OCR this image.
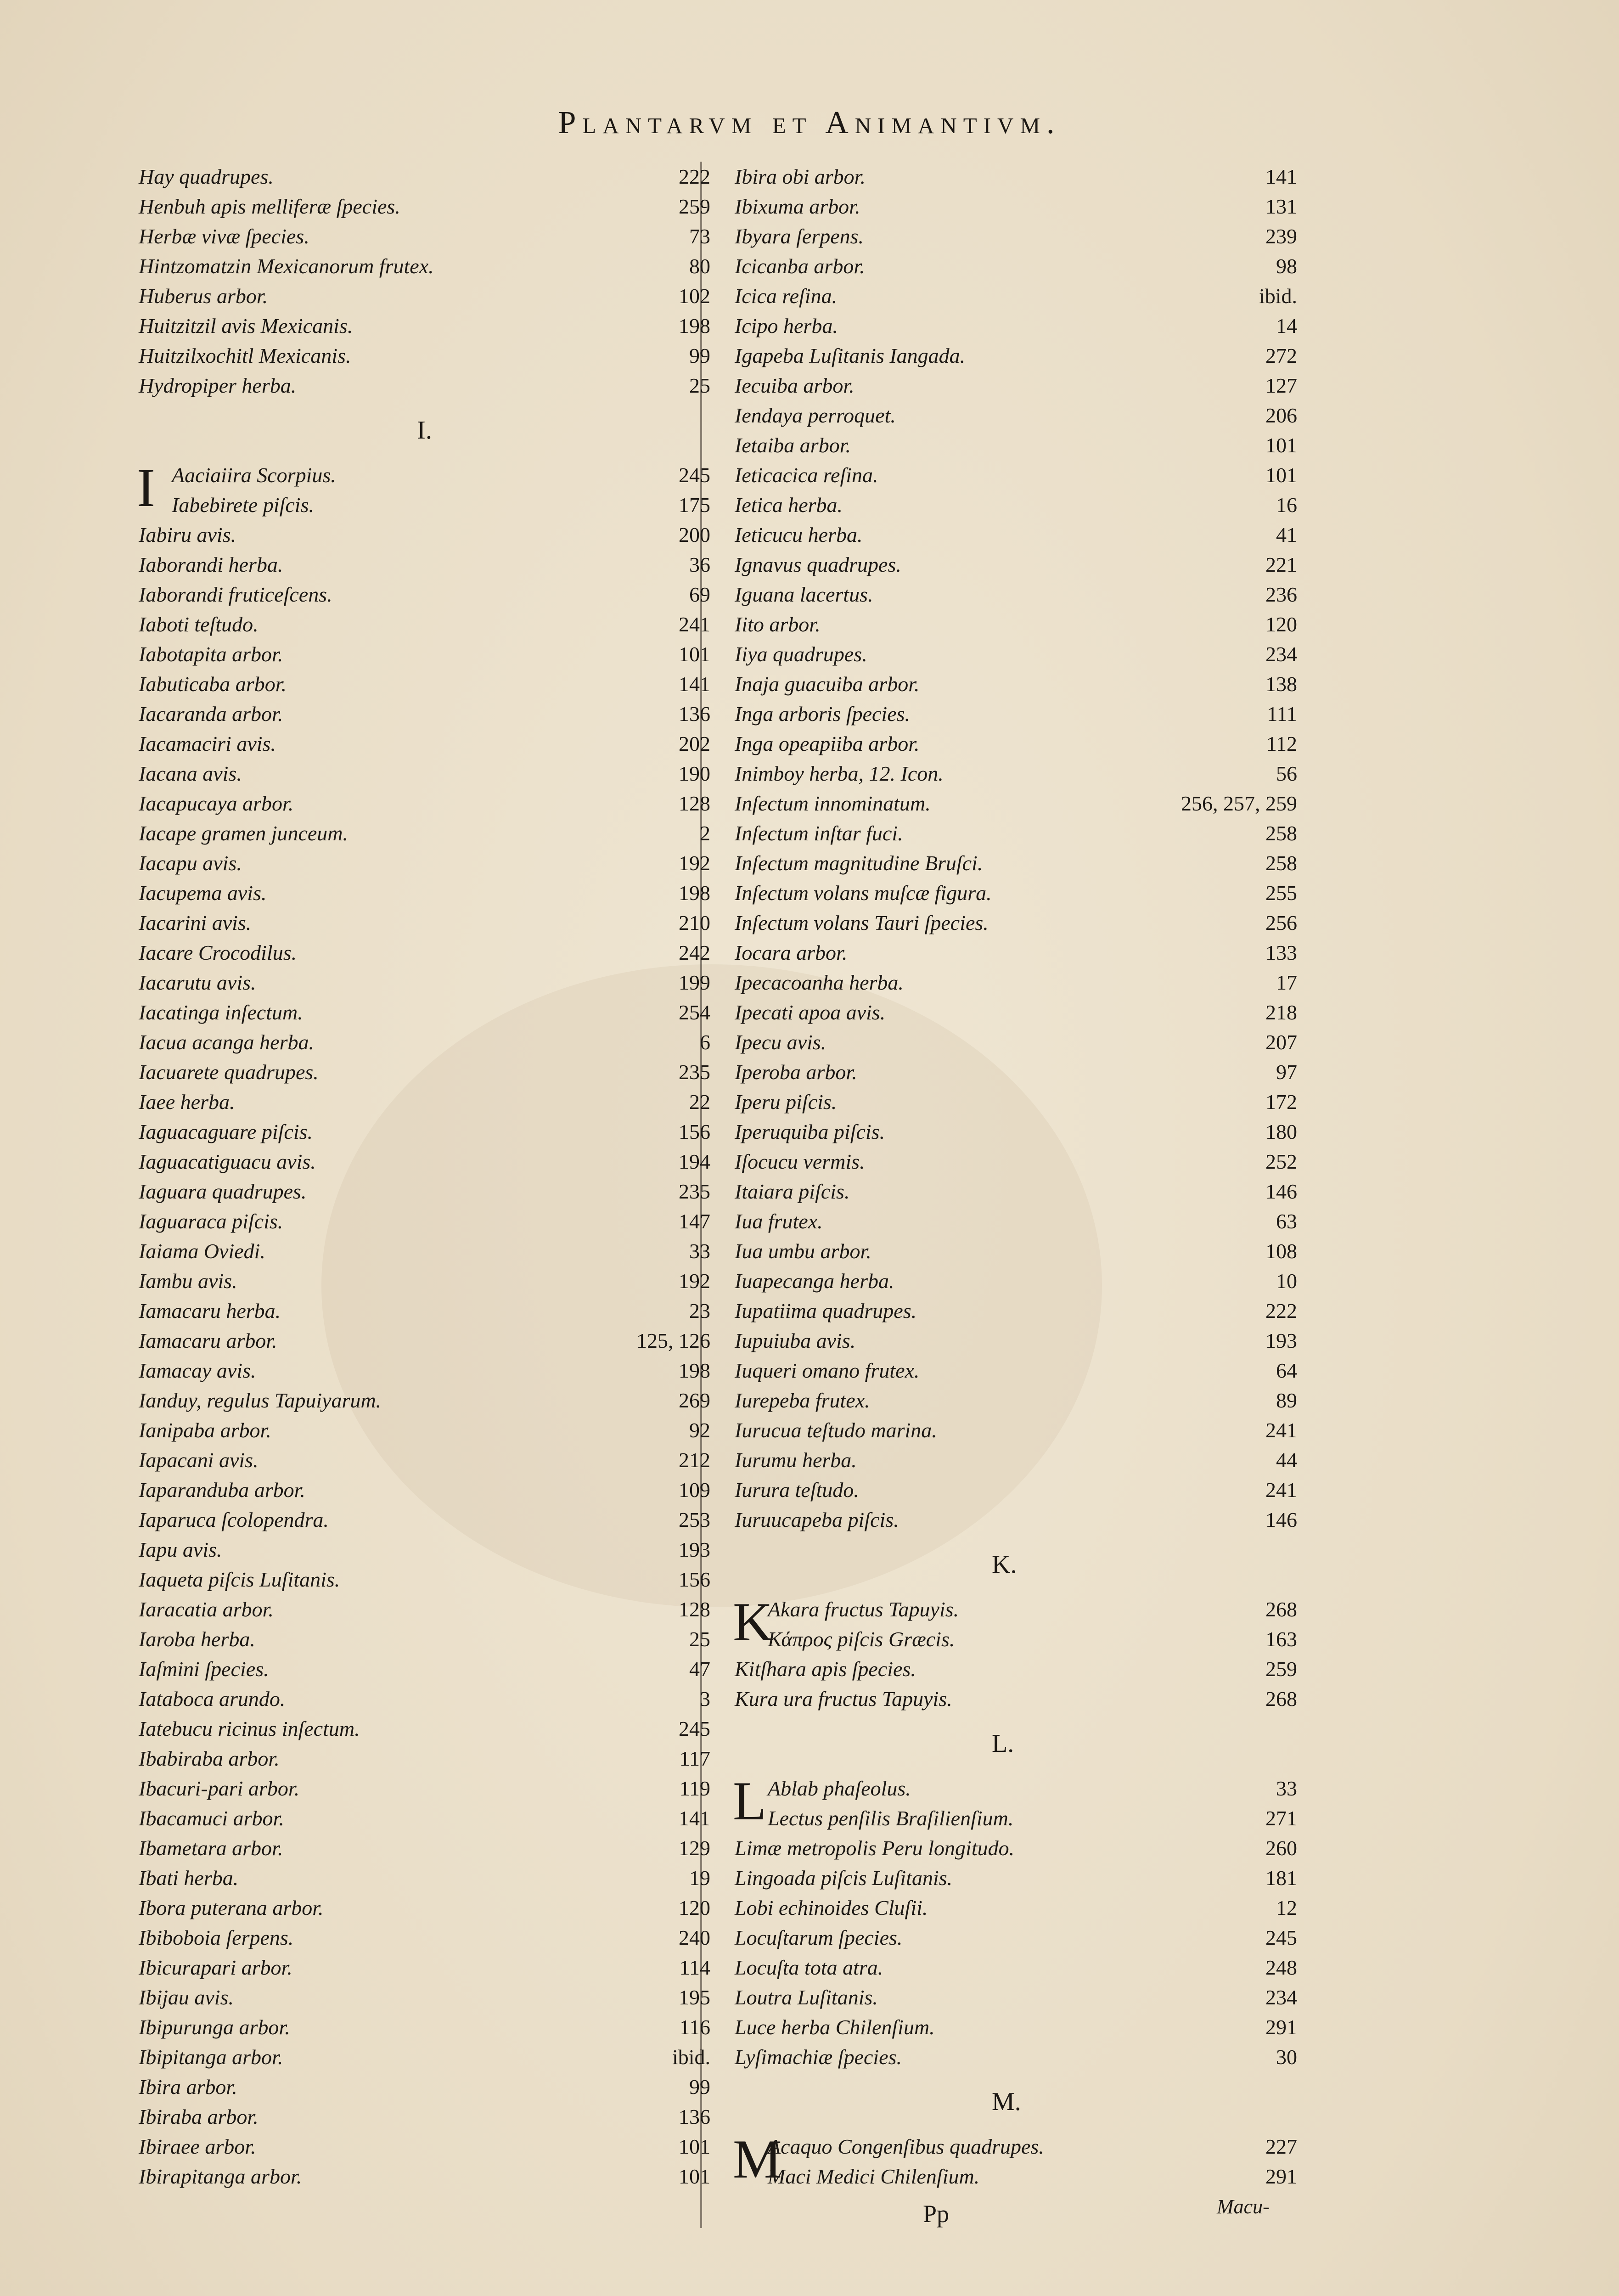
Plantarvm et Animantivm.
Hay quadrupes.	222
Henbuh apis melliferæ ſpecies.	259
Herbæ vivæ ſpecies.	73
Hintzomatzin Mexicanorum frutex.	80
Huberus arbor.	102
Huitzitzil avis Mexicanis.	198
Huitzilxochitl Mexicanis.	99
Hydropiper herba.	25
I.
I Aaciaiira Scorpius.	245
Iabebirete piſcis.	175
Iabiru avis.	200
Iaborandi herba.	36
Iaborandi fruticeſcens.	69
Iaboti teſtudo.	241
Iabotapita arbor.	101
Iabuticaba arbor.	141
Iacaranda arbor.	136
Iacamaciri avis.	202
Iacana avis.	190
Iacapucaya arbor.	128
Iacape gramen junceum.	2
Iacapu avis.	192
Iacupema avis.	198
Iacarini avis.	210
Iacare Crocodilus.	242
Iacarutu avis.	199
Iacatinga inſectum.	254
Iacua acanga herba.	6
Iacuarete quadrupes.	235
Iaee herba.	22
Iaguacaguare piſcis.	156
Iaguacatiguacu avis.	194
Iaguara quadrupes.	235
Iaguaraca piſcis.	147
Iaiama Oviedi.	33
Iambu avis.	192
Iamacaru herba.	23
Iamacaru arbor.	125, 126
Iamacay avis.	198
Ianduy, regulus Tapuiyarum.	269
Ianipaba arbor.	92
Iapacani avis.	212
Iaparanduba arbor.	109
Iaparuca ſcolopendra.	253
Iapu avis.	193
Iaqueta piſcis Luſitanis.	156
Iaracatia arbor.	128
Iaroba herba.	25
Iaſmini ſpecies.	47
Iataboca arundo.	3
Iatebucu ricinus inſectum.	245
Ibabiraba arbor.	117
Ibacuri-pari arbor.	119
Ibacamuci arbor.	141
Ibametara arbor.	129
Ibati herba.	19
Ibora puterana arbor.	120
Ibiboboia ſerpens.	240
Ibicurapari arbor.	114
Ibijau avis.	195
Ibipurunga arbor.	116
Ibipitanga arbor.	ibid.
Ibira arbor.	99
Ibiraba arbor.	136
Ibiraee arbor.	101
Ibirapitanga arbor.	101
Ibira obi arbor.	141
Ibixuma arbor.	131
Ibyara ſerpens.	239
Icicanba arbor.	98
Icica reſina.	ibid.
Icipo herba.	14
Igapeba Luſitanis Iangada.	272
Iecuiba arbor.	127
Iendaya perroquet.	206
Ietaiba arbor.	101
Ieticacica reſina.	101
Ietica herba.	16
Ieticucu herba.	41
Ignavus quadrupes.	221
Iguana lacertus.	236
Iito arbor.	120
Iiya quadrupes.	234
Inaja guacuiba arbor.	138
Inga arboris ſpecies.	111
Inga opeapiiba arbor.	112
Inimboy herba, 12. Icon.	56
Inſectum innominatum.	256, 257, 259
Inſectum inſtar fuci.	258
Inſectum magnitudine Bruſci.	258
Inſectum volans muſcæ figura.	255
Inſectum volans Tauri ſpecies.	256
Iocara arbor.	133
Ipecacoanha herba.	17
Ipecati apoa avis.	218
Ipecu avis.	207
Iperoba arbor.	97
Iperu piſcis.	172
Iperuquiba piſcis.	180
Iſocucu vermis.	252
Itaiara piſcis.	146
Iua frutex.	63
Iua umbu arbor.	108
Iuapecanga herba.	10
Iupatiima quadrupes.	222
Iupuiuba avis.	193
Iuqueri omano frutex.	64
Iurepeba frutex.	89
Iurucua teſtudo marina.	241
Iurumu herba.	44
Iurura teſtudo.	241
Iuruucapeba piſcis.	146
K.
K
Akara fructus Tapuyis.	268
Κάπρος piſcis Græcis.	163
Kitſhara apis ſpecies.	259
Kura ura fructus Tapuyis.	268
L.
L Ablab phaſeolus.	33
Lectus penſilis Braſilienſium.	271
Limæ metropolis Peru longitudo.	260
Lingoada piſcis Luſitanis.	181
Lobi echinoides Cluſii.	12
Locuſtarum ſpecies.	245
Locuſta tota atra.	248
Loutra Luſitanis.	234
Luce herba Chilenſium.	291
Lyſimachiæ ſpecies.	30
M.
M
Acaquo Congenſibus quadrupes.	227
Maci Medici Chilenſium.	291
Pp	Macu-
